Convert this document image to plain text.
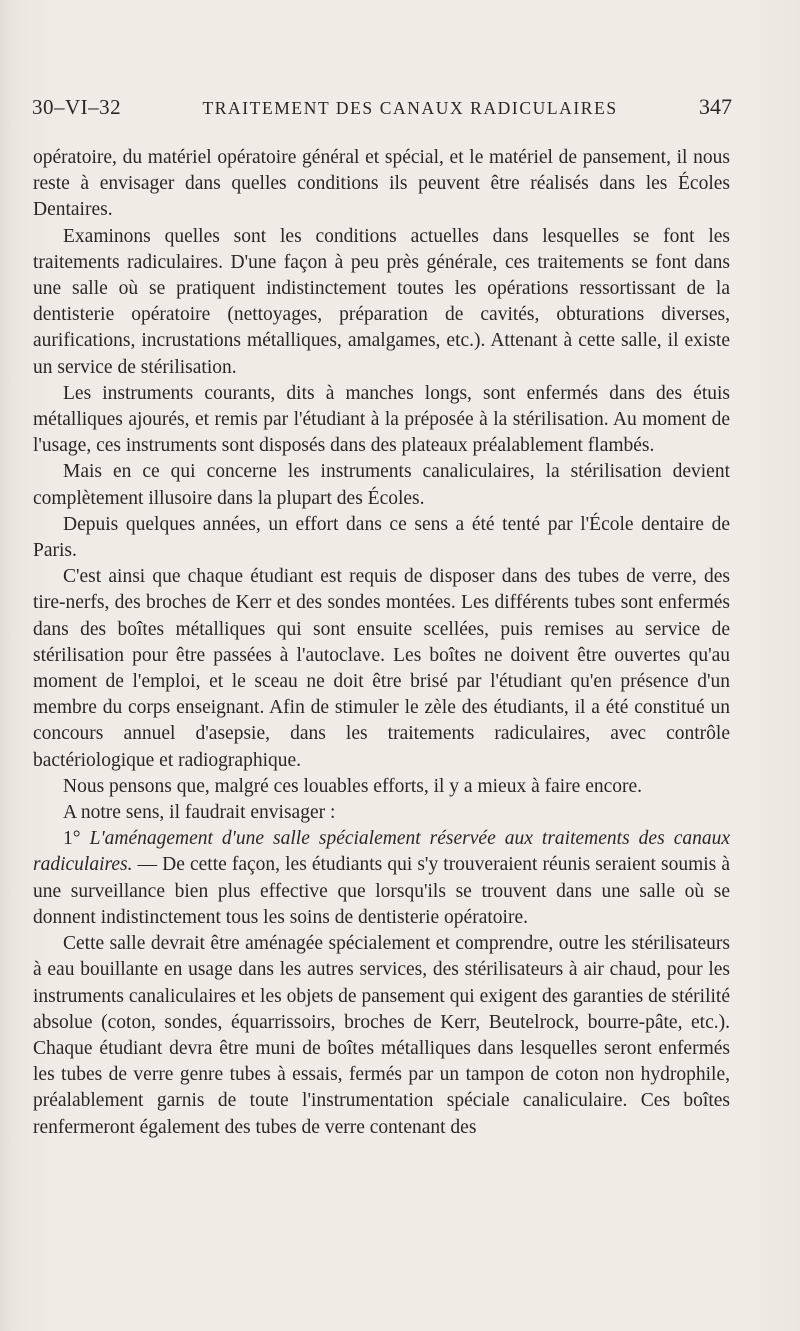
30–VI–32	TRAITEMENT DES CANAUX RADICULAIRES	347

opératoire, du matériel opératoire général et spécial, et le matériel de pansement, il nous reste à envisager dans quelles conditions ils peuvent être réalisés dans les Écoles Dentaires.

Examinons quelles sont les conditions actuelles dans lesquelles se font les traitements radiculaires. D'une façon à peu près générale, ces traitements se font dans une salle où se pratiquent indistinctement toutes les opérations ressortissant de la dentisterie opératoire (nettoyages, préparation de cavités, obturations diverses, aurifications, incrustations métalliques, amalgames, etc.). Attenant à cette salle, il existe un service de stérilisation.

Les instruments courants, dits à manches longs, sont enfermés dans des étuis métalliques ajourés, et remis par l'étudiant à la préposée à la stérilisation. Au moment de l'usage, ces instruments sont disposés dans des plateaux préalablement flambés.

Mais en ce qui concerne les instruments canaliculaires, la stérilisation devient complètement illusoire dans la plupart des Écoles.

Depuis quelques années, un effort dans ce sens a été tenté par l'École dentaire de Paris.

C'est ainsi que chaque étudiant est requis de disposer dans des tubes de verre, des tire-nerfs, des broches de Kerr et des sondes montées. Les différents tubes sont enfermés dans des boîtes métalliques qui sont ensuite scellées, puis remises au service de stérilisation pour être passées à l'autoclave. Les boîtes ne doivent être ouvertes qu'au moment de l'emploi, et le sceau ne doit être brisé par l'étudiant qu'en présence d'un membre du corps enseignant. Afin de stimuler le zèle des étudiants, il a été constitué un concours annuel d'asepsie, dans les traitements radiculaires, avec contrôle bactériologique et radiographique.

Nous pensons que, malgré ces louables efforts, il y a mieux à faire encore.

A notre sens, il faudrait envisager :

1° L'aménagement d'une salle spécialement réservée aux traitements des canaux radiculaires. — De cette façon, les étudiants qui s'y trouveraient réunis seraient soumis à une surveillance bien plus effective que lorsqu'ils se trouvent dans une salle où se donnent indistinctement tous les soins de dentisterie opératoire.

Cette salle devrait être aménagée spécialement et comprendre, outre les stérilisateurs à eau bouillante en usage dans les autres services, des stérilisateurs à air chaud, pour les instruments canaliculaires et les objets de pansement qui exigent des garanties de stérilité absolue (coton, sondes, équarrissoirs, broches de Kerr, Beutelrock, bourre-pâte, etc.). Chaque étudiant devra être muni de boîtes métalliques dans lesquelles seront enfermés les tubes de verre genre tubes à essais, fermés par un tampon de coton non hydrophile, préalablement garnis de toute l'instrumentation spéciale canaliculaire. Ces boîtes renfermeront également des tubes de verre contenant des
